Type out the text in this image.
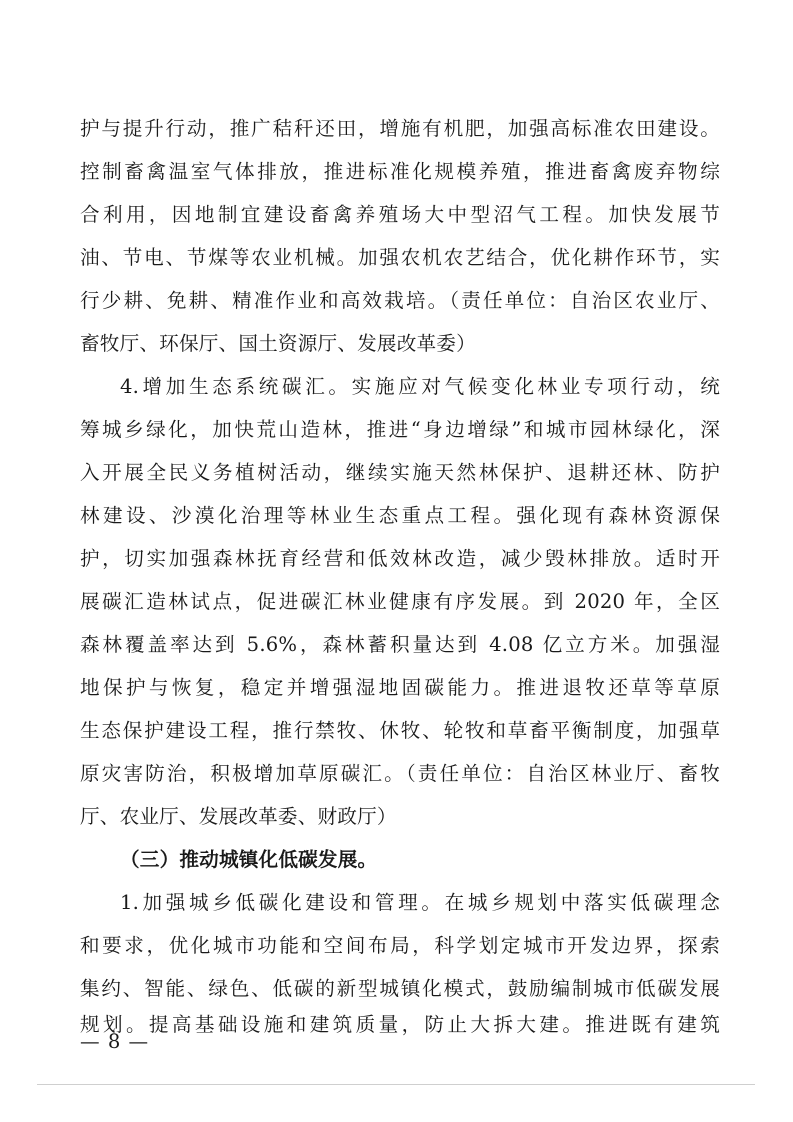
护与提升行动，推广秸秆还田，增施有机肥，加强高标准农田建设。
控制畜禽温室气体排放，推进标准化规模养殖，推进畜禽废弃物综
合利用，因地制宜建设畜禽养殖场大中型沼气工程。加快发展节
油、节电、节煤等农业机械。加强农机农艺结合，优化耕作环节，实
行少耕、免耕、精准作业和高效栽培。（责任单位：自治区农业厅、
畜牧厅、环保厅、国土资源厅、发展改革委）
4.增加生态系统碳汇。实施应对气候变化林业专项行动，统
筹城乡绿化，加快荒山造林，推进“身边增绿”和城市园林绿化，深
入开展全民义务植树活动，继续实施天然林保护、退耕还林、防护
林建设、沙漠化治理等林业生态重点工程。强化现有森林资源保
护，切实加强森林抚育经营和低效林改造，减少毁林排放。适时开
展碳汇造林试点，促进碳汇林业健康有序发展。到 2020 年，全区
森林覆盖率达到 5.6%，森林蓄积量达到 4.08 亿立方米。加强湿
地保护与恢复，稳定并增强湿地固碳能力。推进退牧还草等草原
生态保护建设工程，推行禁牧、休牧、轮牧和草畜平衡制度，加强草
原灾害防治，积极增加草原碳汇。（责任单位：自治区林业厅、畜牧
厅、农业厅、发展改革委、财政厅）
（三）推动城镇化低碳发展。
1.加强城乡低碳化建设和管理。在城乡规划中落实低碳理念
和要求，优化城市功能和空间布局，科学划定城市开发边界，探索
集约、智能、绿色、低碳的新型城镇化模式，鼓励编制城市低碳发展
规划。提高基础设施和建筑质量，防止大拆大建。推进既有建筑
— 8 —
